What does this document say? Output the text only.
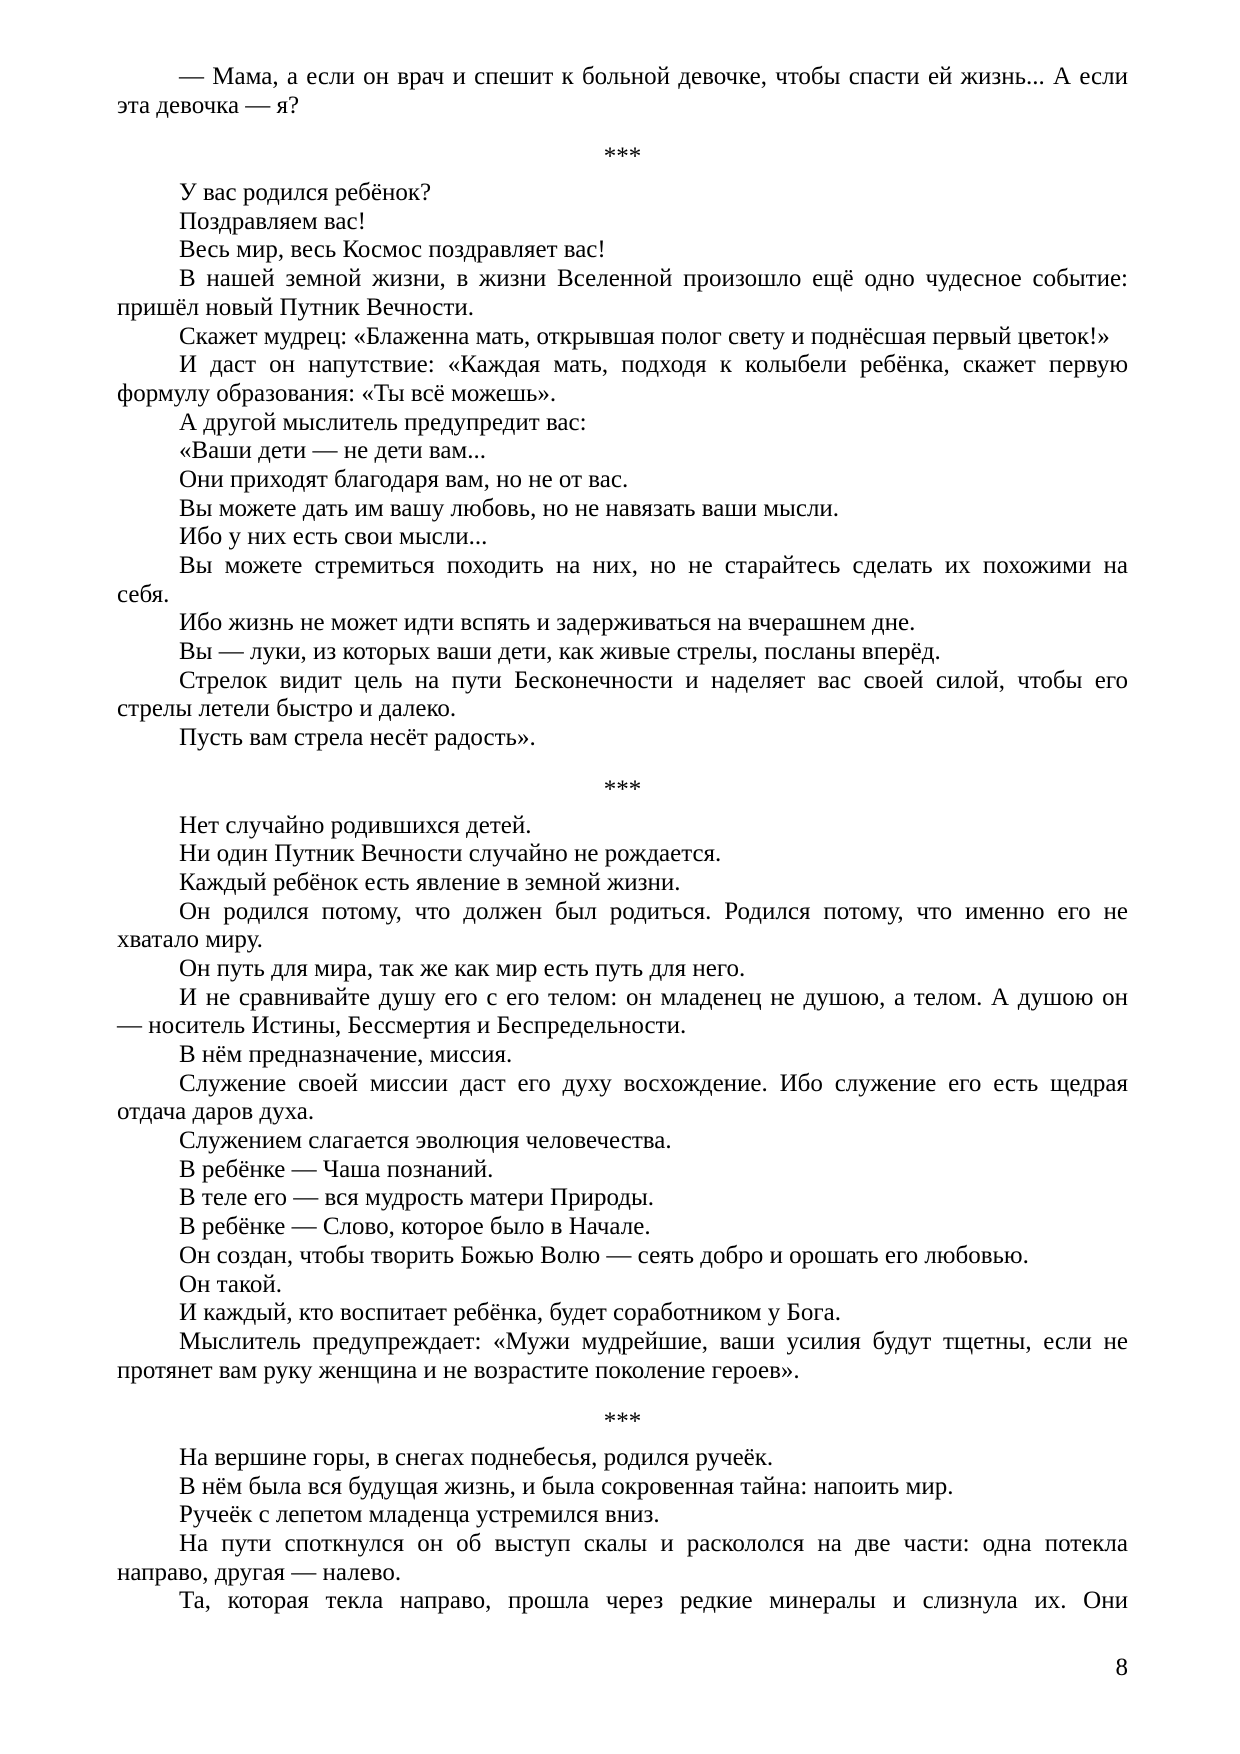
— Мама, а если он врач и спешит к больной девочке, чтобы спасти ей жизнь... А если
эта девочка — я?
***
У вас родился ребёнок?
Поздравляем вас!
Весь мир, весь Космос поздравляет вас!
В нашей земной жизни, в жизни Вселенной произошло ещё одно чудесное событие:
пришёл новый Путник Вечности.
Скажет мудрец: «Блаженна мать, открывшая полог свету и поднёсшая первый цветок!»
И даст он напутствие: «Каждая мать, подходя к колыбели ребёнка, скажет первую
формулу образования: «Ты всё можешь».
А другой мыслитель предупредит вас:
«Ваши дети — не дети вам...
Они приходят благодаря вам, но не от вас.
Вы можете дать им вашу любовь, но не навязать ваши мысли.
Ибо у них есть свои мысли...
Вы можете стремиться походить на них, но не старайтесь сделать их похожими на
себя.
Ибо жизнь не может идти вспять и задерживаться на вчерашнем дне.
Вы — луки, из которых ваши дети, как живые стрелы, посланы вперёд.
Стрелок видит цель на пути Бесконечности и наделяет вас своей силой, чтобы его
стрелы летели быстро и далеко.
Пусть вам стрела несёт радость».
***
Нет случайно родившихся детей.
Ни один Путник Вечности случайно не рождается.
Каждый ребёнок есть явление в земной жизни.
Он родился потому, что должен был родиться. Родился потому, что именно его не
хватало миру.
Он путь для мира, так же как мир есть путь для него.
И не сравнивайте душу его с его телом: он младенец не душою, а телом. А душою он
— носитель Истины, Бессмертия и Беспредельности.
В нём предназначение, миссия.
Служение своей миссии даст его духу восхождение. Ибо служение его есть щедрая
отдача даров духа.
Служением слагается эволюция человечества.
В ребёнке — Чаша познаний.
В теле его — вся мудрость матери Природы.
В ребёнке — Слово, которое было в Начале.
Он создан, чтобы творить Божью Волю — сеять добро и орошать его любовью.
Он такой.
И каждый, кто воспитает ребёнка, будет соработником у Бога.
Мыслитель предупреждает: «Мужи мудрейшие, ваши усилия будут тщетны, если не
протянет вам руку женщина и не возрастите поколение героев».
***
На вершине горы, в снегах поднебесья, родился ручеёк.
В нём была вся будущая жизнь, и была сокровенная тайна: напоить мир.
Ручеёк с лепетом младенца устремился вниз.
На пути споткнулся он об выступ скалы и раскололся на две части: одна потекла
направо, другая — налево.
Та, которая текла направо, прошла через редкие минералы и слизнула их. Они
8
